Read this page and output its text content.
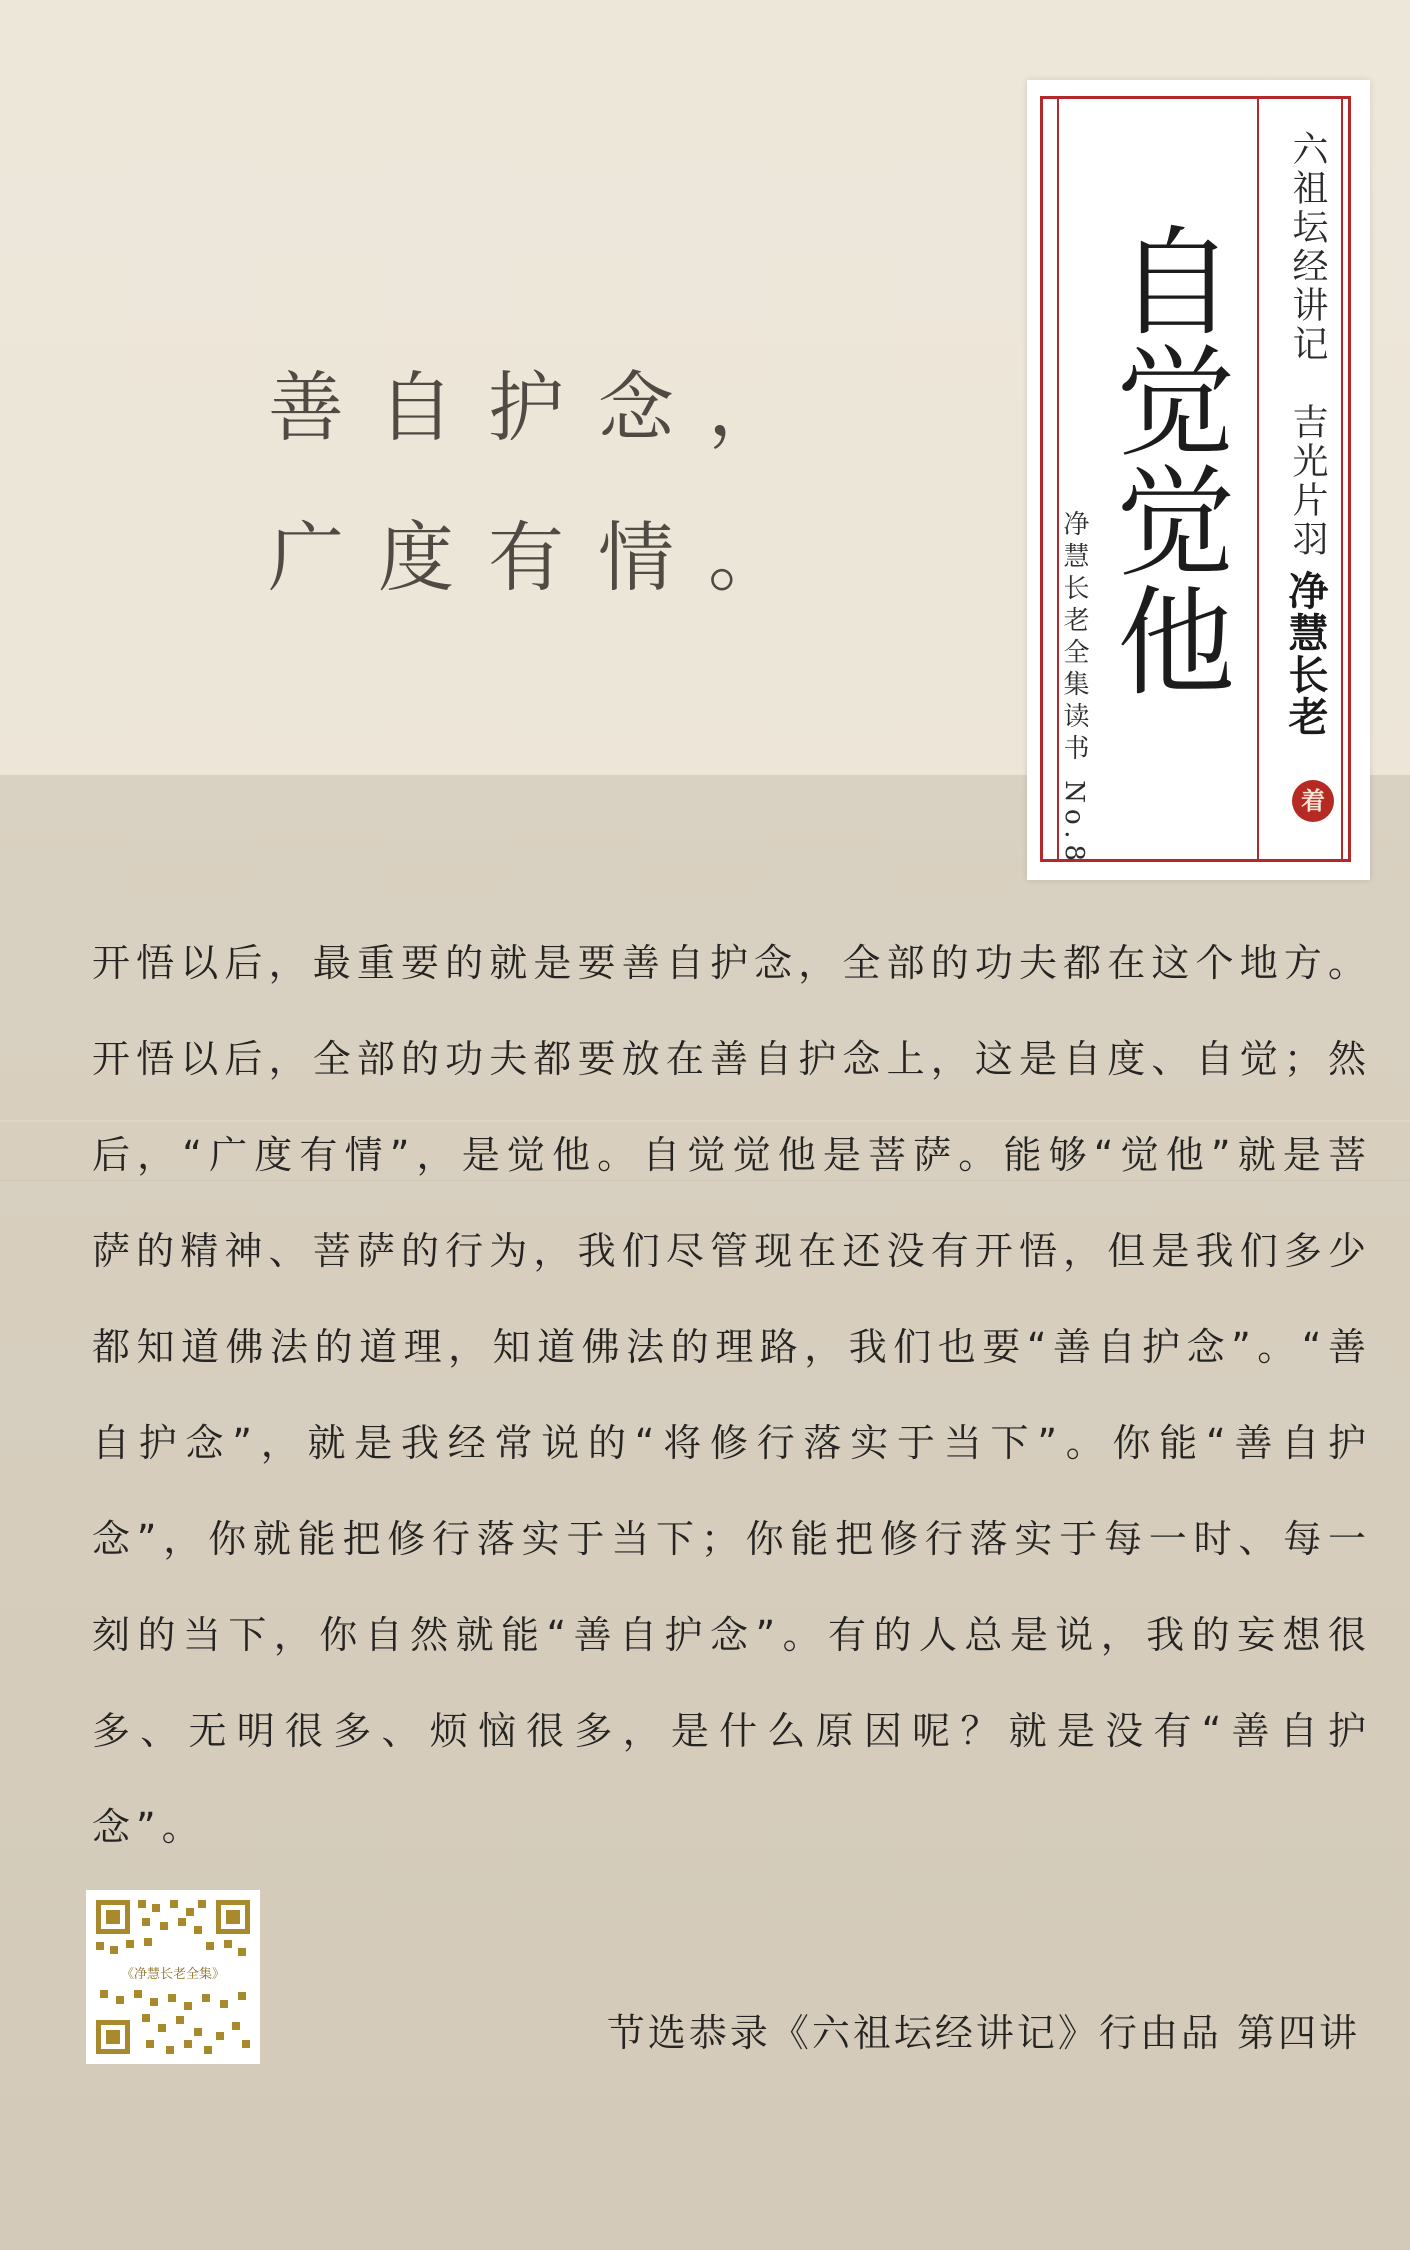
善自护念，
广度有情。 自觉觉他
净慧长老全集读书 No.8
六祖坛经讲记　吉光片羽
净慧长老
着

开悟以后，最重要的就是要善自护念，全部的功夫都在这个地方。开悟以后，全部的功夫都要放在善自护念上，这是自度、自觉；然后，“广度有情”，是觉他。自觉觉他是菩萨。能够“觉他”就是菩萨的精神、菩萨的行为，我们尽管现在还没有开悟，但是我们多少都知道佛法的道理，知道佛法的理路，我们也要“善自护念”。“善自护念”，就是我经常说的“将修行落实于当下”。你能“善自护念”，你就能把修行落实于当下；你能把修行落实于每一时、每一刻的当下，你自然就能“善自护念”。有的人总是说，我的妄想很多、无明很多、烦恼很多，是什么原因呢？就是没有“善自护念”。

《净慧长老全集》
节选恭录《六祖坛经讲记》行由品 第四讲
